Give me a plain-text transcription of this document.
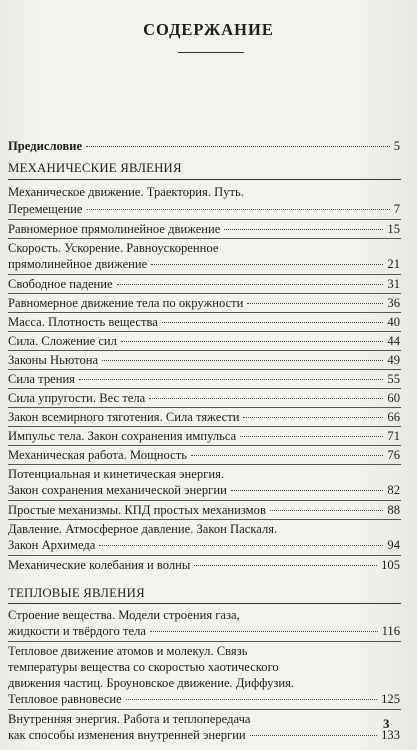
СОДЕРЖАНИЕ
Предисловие	5
МЕХАНИЧЕСКИЕ ЯВЛЕНИЯ
Механическое движение. Траектория. Путь.
Перемещение	7
Равномерное прямолинейное движение	15
Скорость. Ускорение. Равноускоренное
прямолинейное движение	21
Свободное падение	31
Равномерное движение тела по окружности	36
Масса. Плотность вещества	40
Сила. Сложение сил	44
Законы Ньютона	49
Сила трения	55
Сила упругости. Вес тела	60
Закон всемирного тяготения. Сила тяжести	66
Импульс тела. Закон сохранения импульса	71
Механическая работа. Мощность	76
Потенциальная и кинетическая энергия.
Закон сохранения механической энергии	82
Простые механизмы. КПД простых механизмов	88
Давление. Атмосферное давление. Закон Паскаля.
Закон Архимеда	94
Механические колебания и волны	105
ТЕПЛОВЫЕ ЯВЛЕНИЯ
Строение вещества. Модели строения газа,
жидкости и твёрдого тела	116
Тепловое движение атомов и молекул. Связь
температуры вещества со скоростью хаотического
движения частиц. Броуновское движение. Диффузия.
Тепловое равновесие	125
Внутренняя энергия. Работа и теплопередача
как способы изменения внутренней энергии	133
3
